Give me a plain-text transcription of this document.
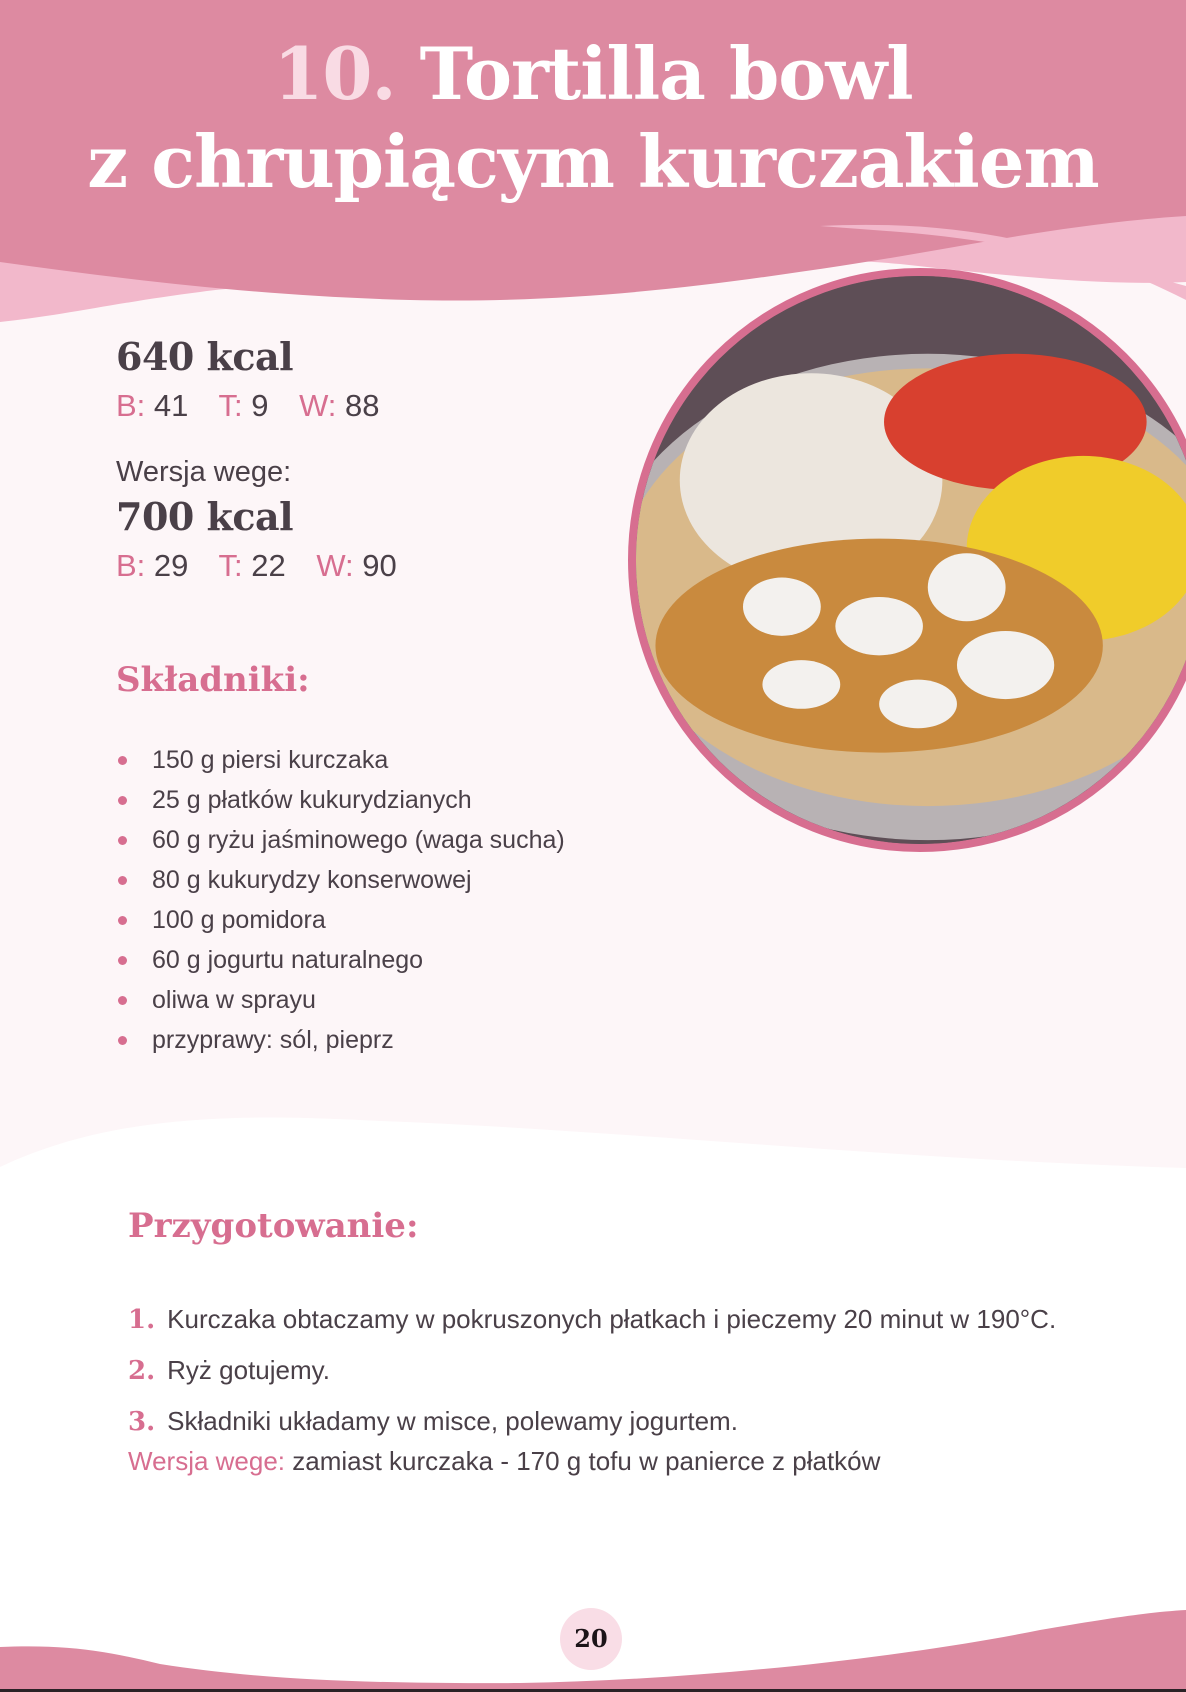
10. Tortilla bowl
z chrupiącym kurczakiem
640 kcal
B: 41 T: 9 W: 88
Wersja wege:
700 kcal
B: 29 T: 22 W: 90
Składniki:
150 g piersi kurczaka
25 g płatków kukurydzianych
60 g ryżu jaśminowego (waga sucha)
80 g kukurydzy konserwowej
100 g pomidora
60 g jogurtu naturalnego
oliwa w sprayu
przyprawy: sól, pieprz
Przygotowanie:
1. Kurczaka obtaczamy w pokruszonych płatkach i pieczemy 20 minut w 190°C.
2. Ryż gotujemy.
3. Składniki układamy w misce, polewamy jogurtem.
Wersja wege: zamiast kurczaka - 170 g tofu w panierce z płatków
20
